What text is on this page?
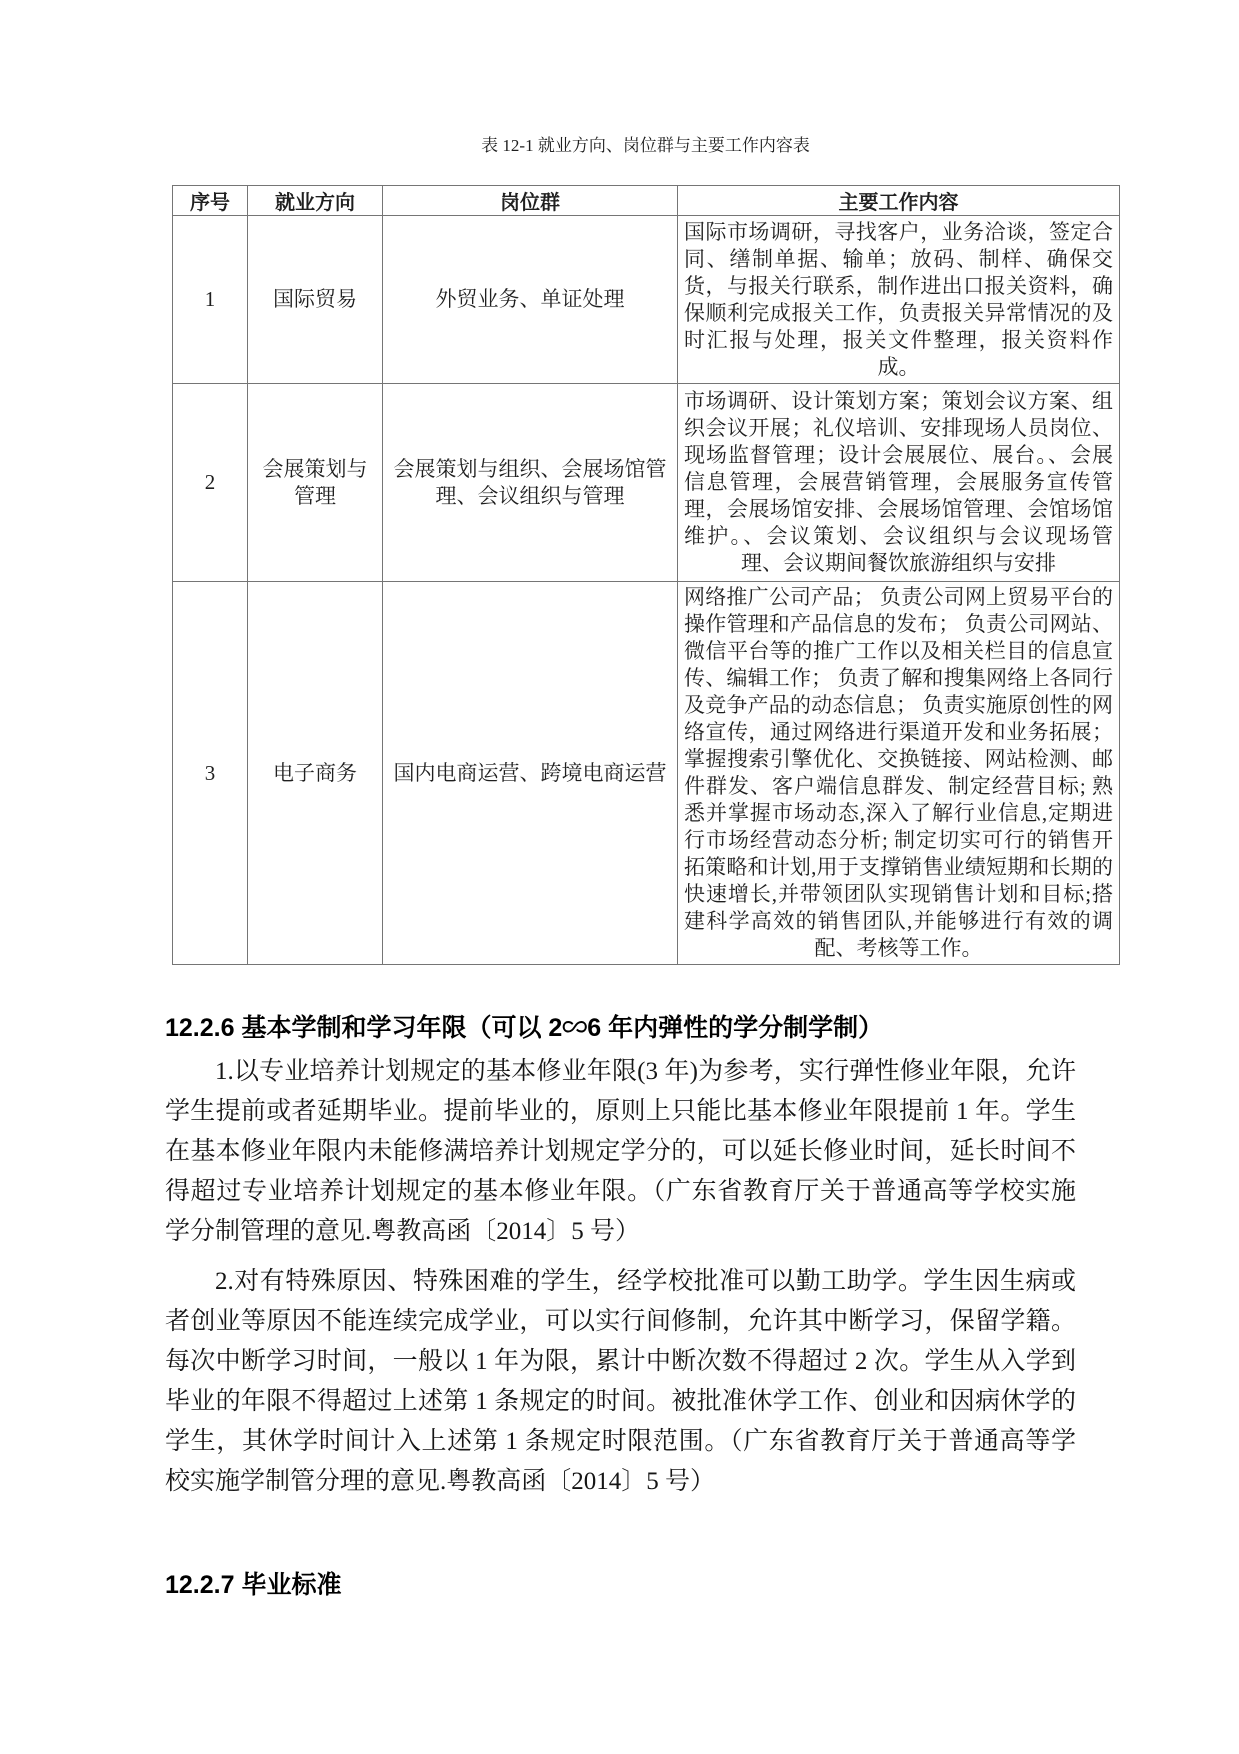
表 12-1 就业方向、岗位群与主要工作内容表
序号	就业方向	岗位群	主要工作内容
1	国际贸易	外贸业务、单证处理	国际市场调研，寻找客户，业务洽谈，签定合同、缮制单据、输单；放码、制样、确保交货，与报关行联系，制作进出口报关资料，确保顺利完成报关工作，负责报关异常情况的及时汇报与处理，报关文件整理，报关资料作成。
2	会展策划与管理	会展策划与组织、会展场馆管理、会议组织与管理	市场调研、设计策划方案；策划会议方案、组织会议开展；礼仪培训、安排现场人员岗位、现场监督管理；设计会展展位、展台。、会展信息管理，会展营销管理，会展服务宣传管理，会展场馆安排、会展场馆管理、会馆场馆维护。、会议策划、会议组织与会议现场管理、会议期间餐饮旅游组织与安排
3	电子商务	国内电商运营、跨境电商运营	网络推广公司产品； 负责公司网上贸易平台的操作管理和产品信息的发布； 负责公司网站、微信平台等的推广工作以及相关栏目的信息宣传、编辑工作； 负责了解和搜集网络上各同行及竞争产品的动态信息； 负责实施原创性的网络宣传，通过网络进行渠道开发和业务拓展； 掌握搜索引擎优化、交换链接、网站检测、邮件群发、客户端信息群发、制定经营目标; 熟悉并掌握市场动态,深入了解行业信息,定期进行市场经营动态分析; 制定切实可行的销售开拓策略和计划,用于支撑销售业绩短期和长期的快速增长,并带领团队实现销售计划和目标;搭建科学高效的销售团队,并能够进行有效的调配、考核等工作。
12.2.6 基本学制和学习年限（可以 2∽6 年内弹性的学分制学制）

1.以专业培养计划规定的基本修业年限(3 年)为参考，实行弹性修业年限，允许学生提前或者延期毕业。提前毕业的，原则上只能比基本修业年限提前 1 年。学生在基本修业年限内未能修满培养计划规定学分的，可以延长修业时间，延长时间不得超过专业培养计划规定的基本修业年限。（广东省教育厅关于普通高等学校实施学分制管理的意见.粤教高函〔2014〕5 号）

2.对有特殊原因、特殊困难的学生，经学校批准可以勤工助学。学生因生病或者创业等原因不能连续完成学业，可以实行间修制，允许其中断学习，保留学籍。每次中断学习时间，一般以 1 年为限，累计中断次数不得超过 2 次。学生从入学到毕业的年限不得超过上述第 1 条规定的时间。被批准休学工作、创业和因病休学的学生，其休学时间计入上述第 1 条规定时限范围。（广东省教育厅关于普通高等学校实施学制管分理的意见.粤教高函〔2014〕5 号）

12.2.7 毕业标准
